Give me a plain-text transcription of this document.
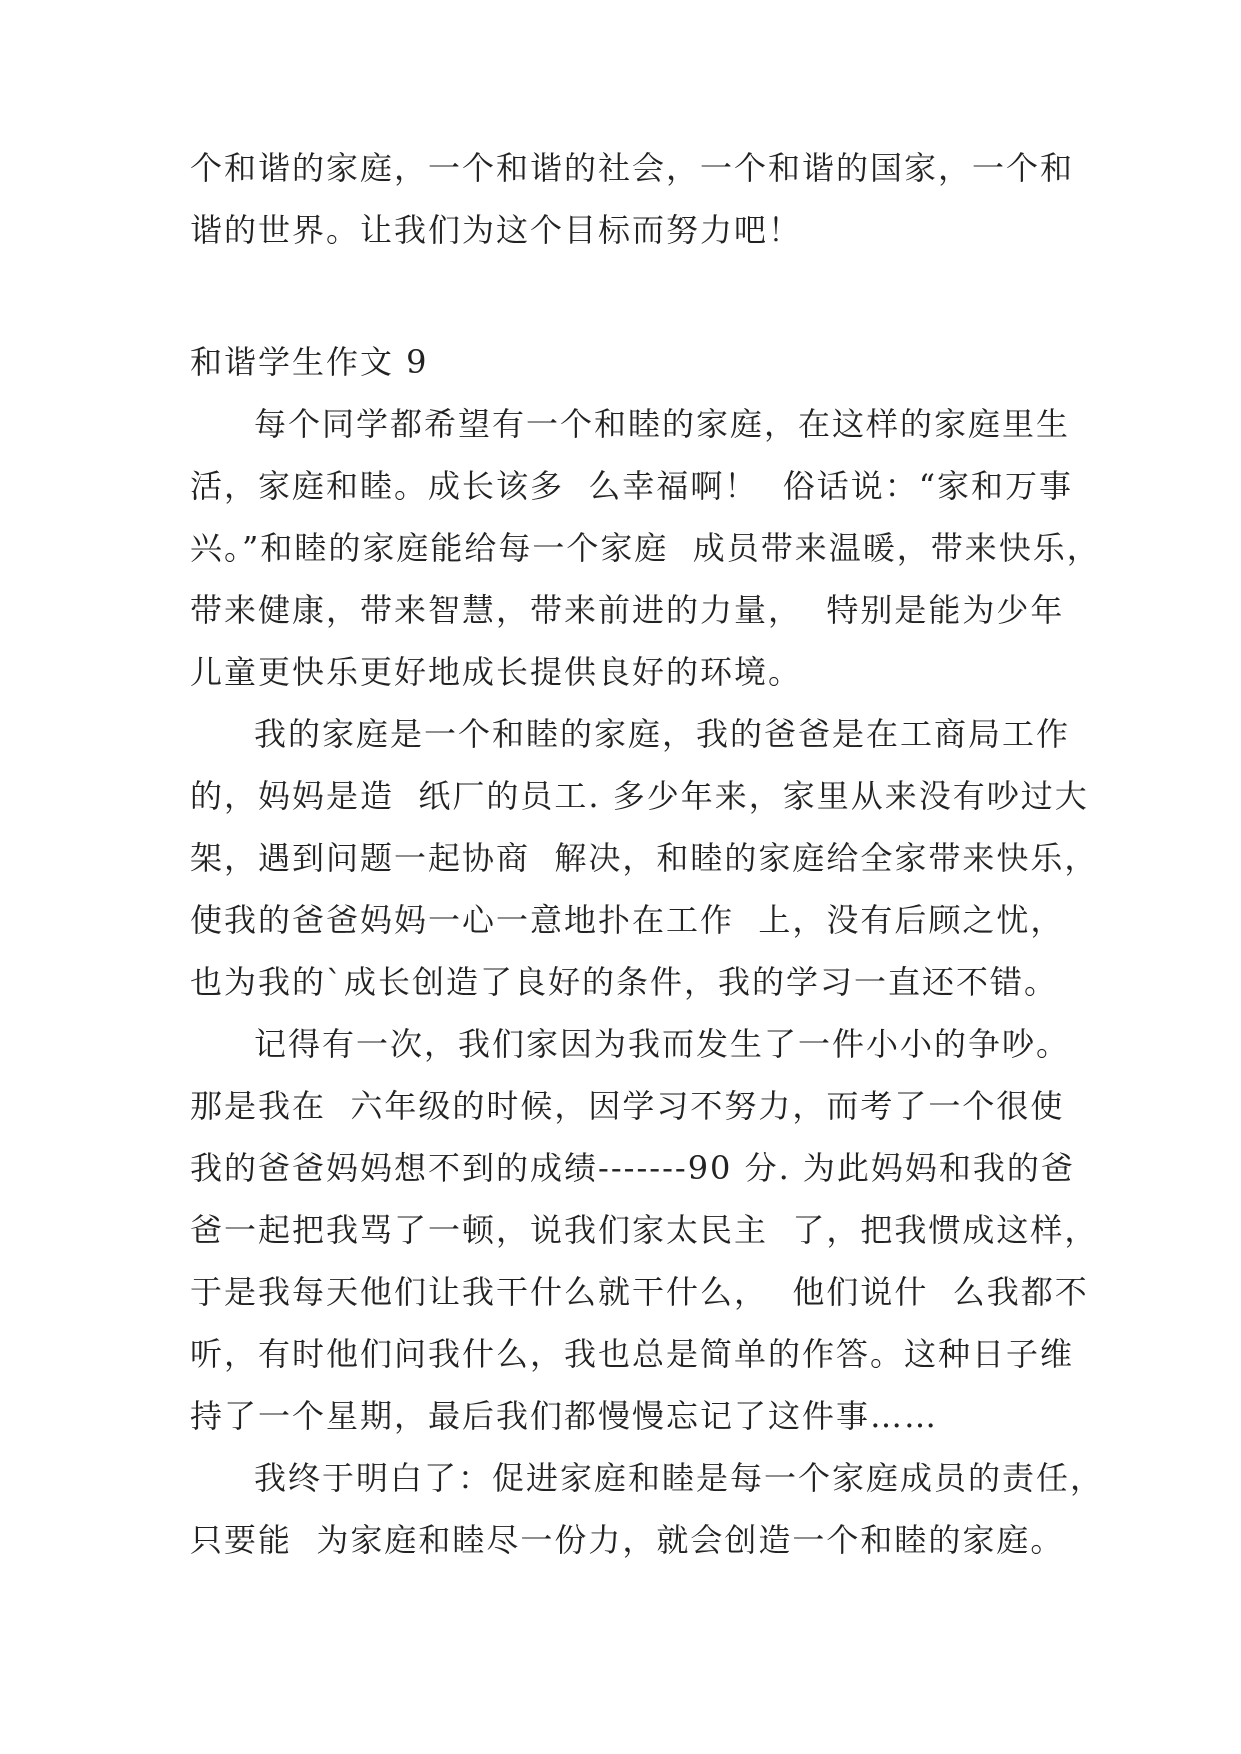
个和谐的家庭，一个和谐的社会，一个和谐的国家，一个和
谐的世界。让我们为这个目标而努力吧！
和谐学生作文 9
每个同学都希望有一个和睦的家庭，在这样的家庭里生
活，家庭和睦。成长该多  么幸福啊！  俗话说：“家和万事
兴。”和睦的家庭能给每一个家庭  成员带来温暖，带来快乐，
带来健康，带来智慧，带来前进的力量，  特别是能为少年
儿童更快乐更好地成长提供良好的环境。
我的家庭是一个和睦的家庭，我的爸爸是在工商局工作
的，妈妈是造  纸厂的员工. 多少年来，家里从来没有吵过大
架，遇到问题一起协商  解决，和睦的家庭给全家带来快乐，
使我的爸爸妈妈一心一意地扑在工作  上，没有后顾之忧，
也为我的`成长创造了良好的条件，我的学习一直还不错。
记得有一次，我们家因为我而发生了一件小小的争吵。
那是我在  六年级的时候，因学习不努力，而考了一个很使
我的爸爸妈妈想不到的成绩-------90 分. 为此妈妈和我的爸
爸一起把我骂了一顿，说我们家太民主  了，把我惯成这样，
于是我每天他们让我干什么就干什么，  他们说什  么我都不
听，有时他们问我什么，我也总是简单的作答。这种日子维
持了一个星期，最后我们都慢慢忘记了这件事……
我终于明白了：促进家庭和睦是每一个家庭成员的责任，
只要能  为家庭和睦尽一份力，就会创造一个和睦的家庭。
